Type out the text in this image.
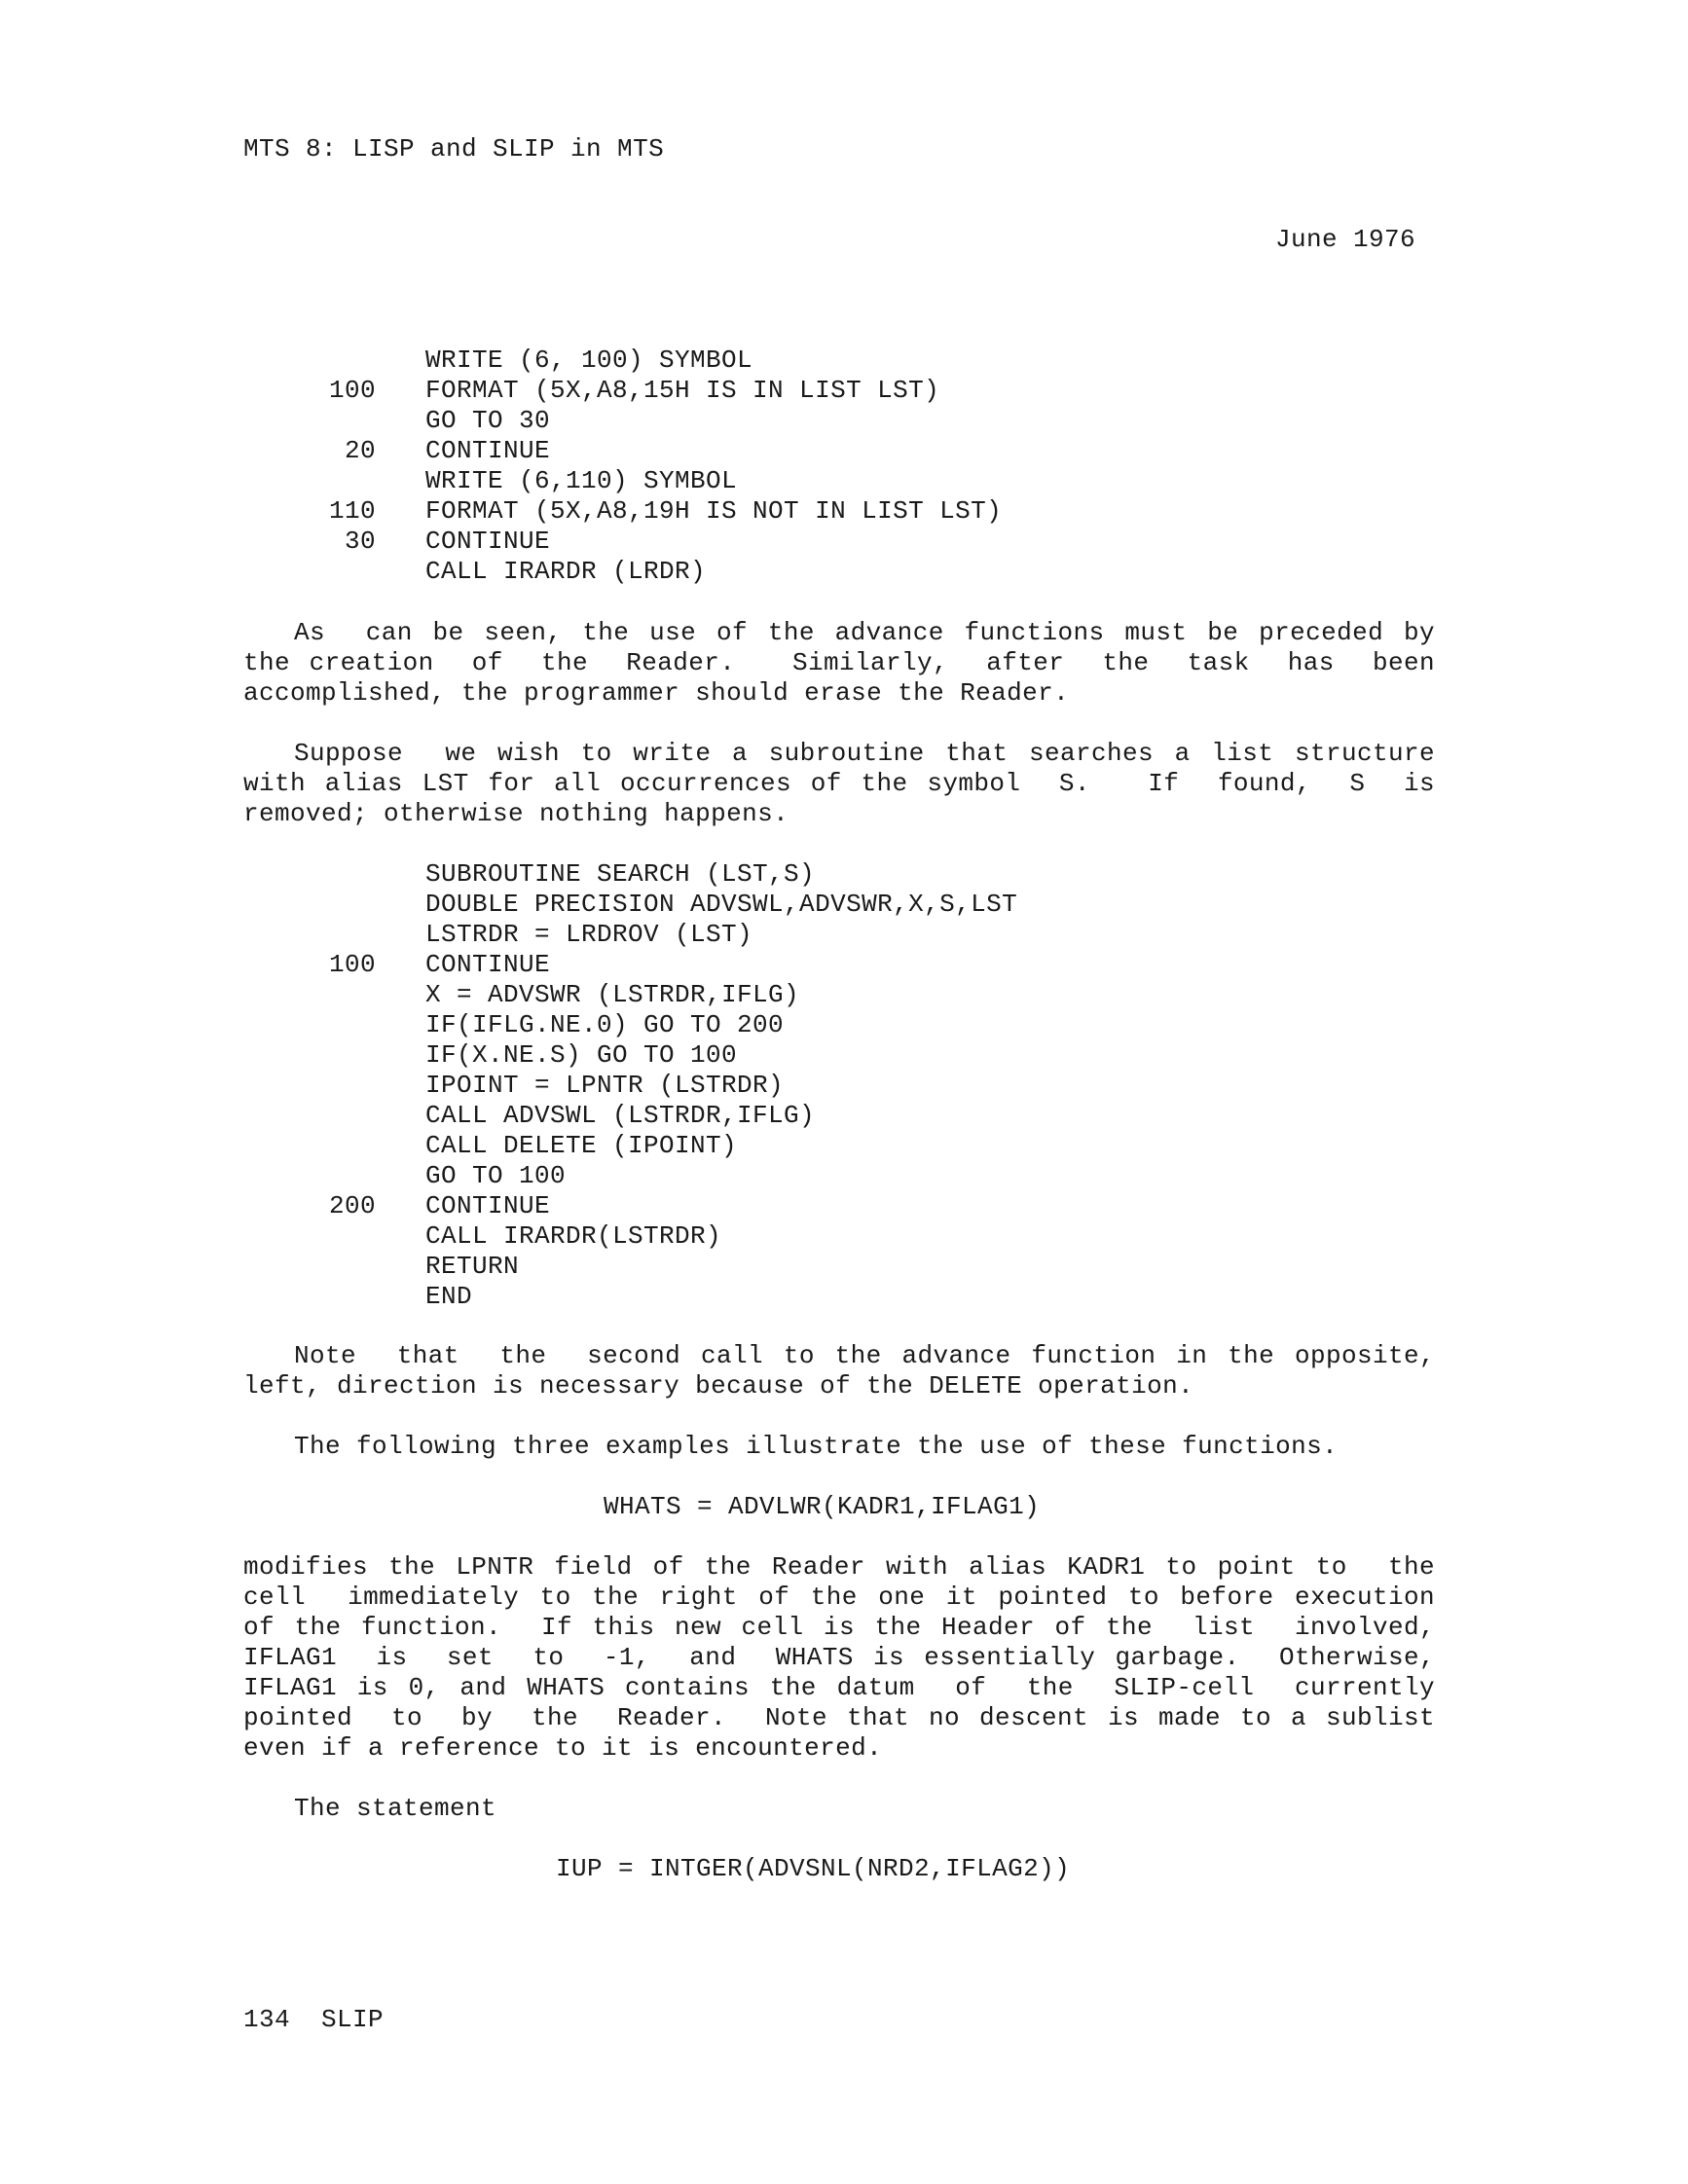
MTS 8: LISP and SLIP in MTS
June 1976
WRITE (6, 100) SYMBOL
100 FORMAT (5X,A8,15H IS IN LIST LST)
GO TO 30
20 CONTINUE
WRITE (6,110) SYMBOL
110 FORMAT (5X,A8,19H IS NOT IN LIST LST)
30 CONTINUE
CALL IRARDR (LRDR)
As  can be seen, the use of the advance functions must be preceded by
the creation  of  the  Reader.   Similarly,  after  the  task  has  been
accomplished, the programmer should erase the Reader.
Suppose  we wish to write a subroutine that searches a list structure
with alias LST for all occurrences of the symbol  S.   If  found,  S  is
removed; otherwise nothing happens.
SUBROUTINE SEARCH (LST,S)
DOUBLE PRECISION ADVSWL,ADVSWR,X,S,LST
LSTRDR = LRDROV (LST)
100 CONTINUE
X = ADVSWR (LSTRDR,IFLG)
IF(IFLG.NE.0) GO TO 200
IF(X.NE.S) GO TO 100
IPOINT = LPNTR (LSTRDR)
CALL ADVSWL (LSTRDR,IFLG)
CALL DELETE (IPOINT)
GO TO 100
200 CONTINUE
CALL IRARDR(LSTRDR)
RETURN
END
Note  that  the  second call to the advance function in the opposite,
left, direction is necessary because of the DELETE operation.
The following three examples illustrate the use of these functions.
WHATS = ADVLWR(KADR1,IFLAG1)
modifies the LPNTR field of the Reader with alias KADR1 to point to  the
cell  immediately to the right of the one it pointed to before execution
of the function.  If this new cell is the Header of the  list  involved,
IFLAG1  is  set  to  -1,  and  WHATS is essentially garbage.  Otherwise,
IFLAG1 is 0, and WHATS contains the datum  of  the  SLIP-cell  currently
pointed  to  by  the  Reader.  Note that no descent is made to a sublist
even if a reference to it is encountered.
The statement
IUP = INTGER(ADVSNL(NRD2,IFLAG2))
134  SLIP
